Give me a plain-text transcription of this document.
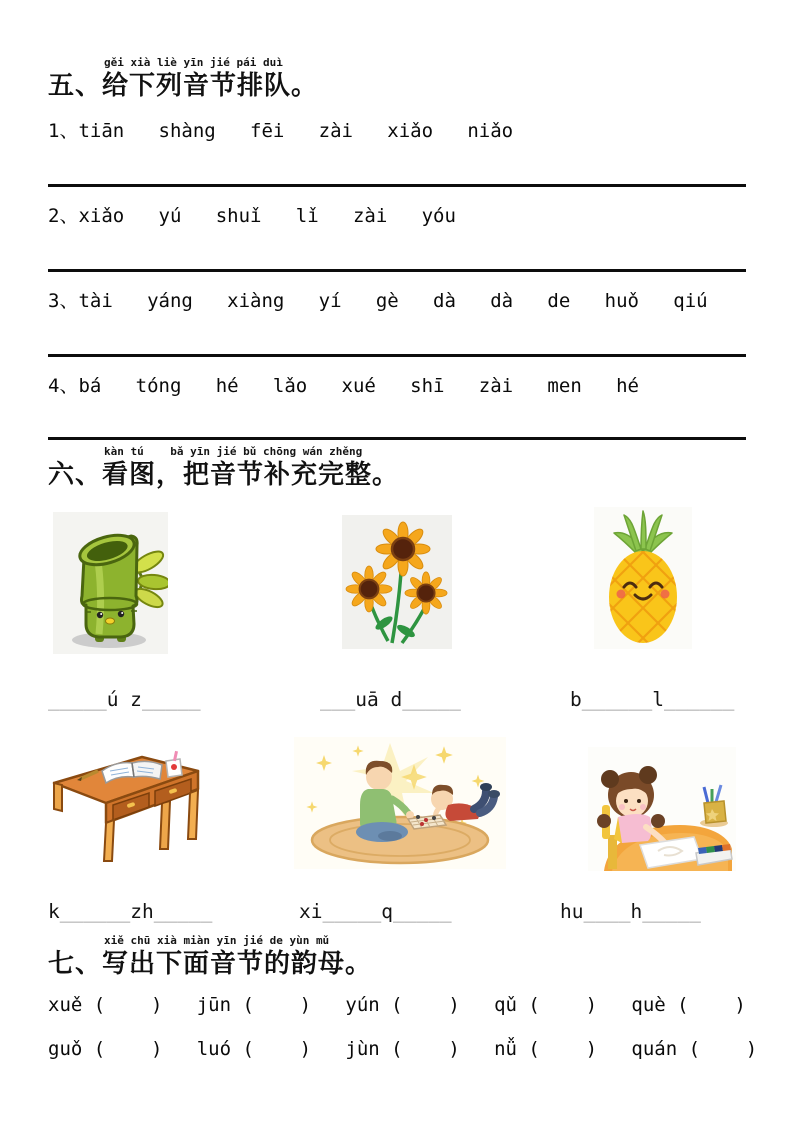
五、
gěi xià liè yīn jié pái duì
给下列音节排队。
1、tiān   shàng   fēi   zài   xiǎo   niǎo
2、xiǎo   yú   shuǐ   lǐ   zài   yóu
3、tài   yáng   xiàng   yí   gè   dà   dà   de   huǒ   qiú
4、bá   tóng   hé   lǎo   xué   shī   zài   men   hé
六、
kàn tú    bǎ yīn jié bǔ chōng wán zhěng
看图，把音节补充完整。
_____ú z_____	___uā d_____	b______l______
k______zh_____	xi_____q_____	hu____h_____
七、
xiě chū xià miàn yīn jié de yùn mǔ
写出下面音节的韵母。
xuě (    )   jūn (    )   yún (    )   qǔ (    )   què (    )
guǒ (    )   luó (    )   jùn (    )   nǚ (    )   quán (    )
